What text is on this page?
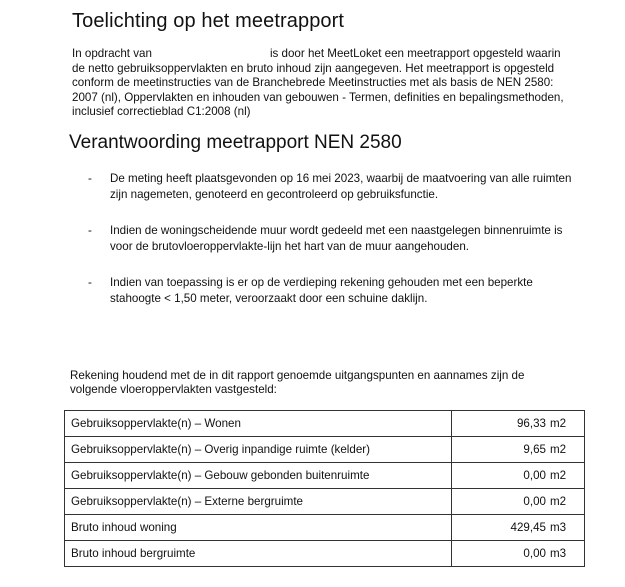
Toelichting op het meetrapport

In opdracht van	is door het MeetLoket een meetrapport opgesteld waarin de netto gebruiksoppervlakten en bruto inhoud zijn aangegeven. Het meetrapport is opgesteld conform de meetinstructies van de Branchebrede Meetinstructies met als basis de NEN 2580: 2007 (nl), Oppervlakten en inhouden van gebouwen - Termen, definities en bepalingsmethoden, inclusief correctieblad C1:2008 (nl)

Verantwoording meetrapport NEN 2580
- De meting heeft plaatsgevonden op 16 mei 2023, waarbij de maatvoering van alle ruimten zijn nagemeten, genoteerd en gecontroleerd op gebruiksfunctie.
- Indien de woningscheidende muur wordt gedeeld met een naastgelegen binnenruimte is voor de brutovloeroppervlakte-lijn het hart van de muur aangehouden.
- Indien van toepassing is er op de verdieping rekening gehouden met een beperkte stahoogte < 1,50 meter, veroorzaakt door een schuine daklijn.

Rekening houdend met de in dit rapport genoemde uitgangspunten en aannames zijn de volgende vloeroppervlakten vastgesteld:

Gebruiksoppervlakte(n) – Wonen	96,33	m2
Gebruiksoppervlakte(n) – Overig inpandige ruimte (kelder)	9,65	m2
Gebruiksoppervlakte(n) – Gebouw gebonden buitenruimte	0,00	m2
Gebruiksoppervlakte(n) – Externe bergruimte	0,00	m2
Bruto inhoud woning	429,45	m3
Bruto inhoud bergruimte	0,00	m3
